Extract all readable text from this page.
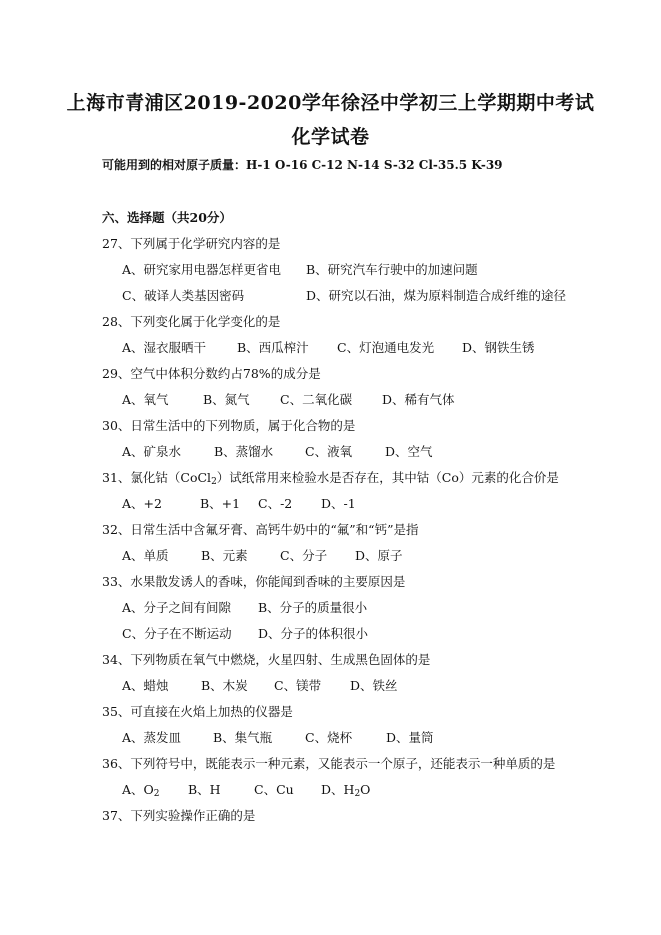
上海市青浦区2019-2020学年徐泾中学初三上学期期中考试
化学试卷
可能用到的相对原子质量：H-1 O-16 C-12 N-14 S-32 Cl-35.5 K-39
六、选择题（共20分）
27、下列属于化学研究内容的是
A、研究家用电器怎样更省电 B、研究汽车行驶中的加速问题
C、破译人类基因密码	D、研究以石油，煤为原料制造合成纤维的途径
28、下列变化属于化学变化的是
A、湿衣服晒干 B、西瓜榨汁 C、灯泡通电发光 D、钢铁生锈
29、空气中体积分数约占78%的成分是
A、氧气	B、氮气 C、二氧化碳 D、稀有气体
30、日常生活中的下列物质，属于化合物的是
A、矿泉水	B、蒸馏水	C、液氧	D、空气
31、氯化钴（CoCl$_2$）试纸常用来检验水是否存在，其中钴（Co）元素的化合价是
A、+2	B、+1 C、-2 D、-1
32、日常生活中含氟牙膏、高钙牛奶中的“氟”和“钙”是指
A、单质	B、元素	C、分子 D、原子
33、水果散发诱人的香味，你能闻到香味的主要原因是
A、分子之间有间隙 B、分子的质量很小
C、分子在不断运动 D、分子的体积很小
34、下列物质在氧气中燃烧，火星四射、生成黑色固体的是
A、蜡烛	B、木炭 C、镁带 D、铁丝
35、可直接在火焰上加热的仪器是
A、蒸发皿	B、集气瓶	C、烧杯	D、量筒
36、下列符号中，既能表示一种元素，又能表示一个原子，还能表示一种单质的是
A、$O_2$ B、H	C、Cu D、$H_2O$
37、下列实验操作正确的是
